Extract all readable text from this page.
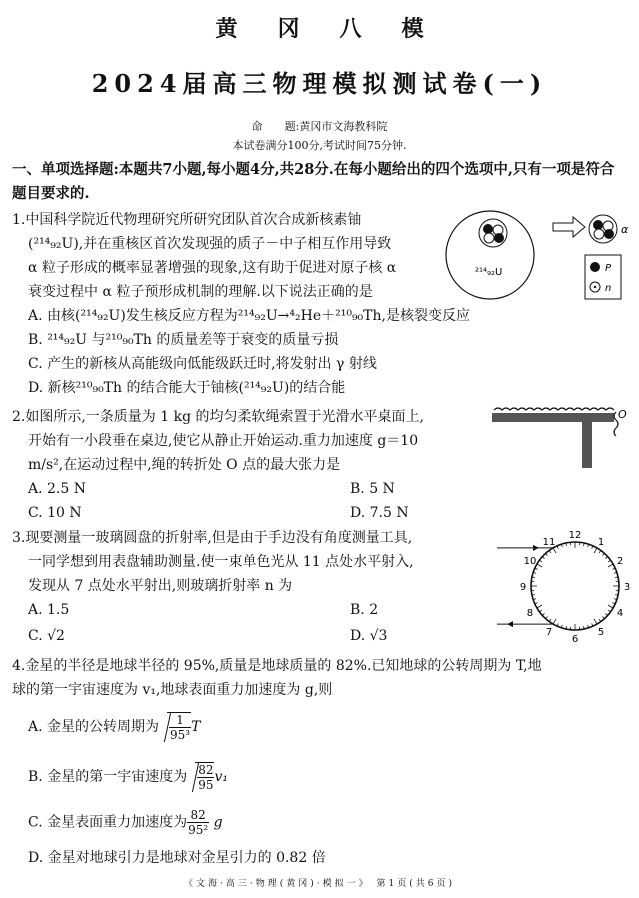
黄冈八模
2024届高三物理模拟测试卷(一)
命　　题:黄冈市文海教科院
本试卷满分100分,考试时间75分钟.
一、单项选择题:本题共7小题,每小题4分,共28分.在每小题给出的四个选项中,只有一项是符合题目要求的.
1.中国科学院近代物理研究所研究团队首次合成新核素铀
(²¹⁴₉₂U),并在重核区首次发现强的质子－中子相互作用导致
α 粒子形成的概率显著增强的现象,这有助于促进对原子核 α
衰变过程中 α 粒子预形成机制的理解.以下说法正确的是
A. 由核(²¹⁴₉₂U)发生核反应方程为²¹⁴₉₂U→⁴₂He＋²¹⁰₉₀Th,是核裂变反应
B. ²¹⁴₉₂U 与²¹⁰₉₀Th 的质量差等于衰变的质量亏损
C. 产生的新核从高能级向低能级跃迁时,将发射出 γ 射线
D. 新核²¹⁰₉₀Th 的结合能大于铀核(²¹⁴₉₂U)的结合能
²¹⁴₉₂U
α
P
n
2.如图所示,一条质量为 1 kg 的均匀柔软绳索置于光滑水平桌面上,
开始有一小段垂在桌边,使它从静止开始运动.重力加速度 g＝10
m/s²,在运动过程中,绳的转折处 O 点的最大张力是
A. 2.5 N	B. 5 N
C. 10 N	D. 7.5 N
O
3.现要测量一玻璃圆盘的折射率,但是由于手边没有角度测量工具,
一同学想到用表盘辅助测量.使一束单色光从 11 点处水平射入,
发现从 7 点处水平射出,则玻璃折射率 n 为
A. 1.5	B. 2
C. √2	D. √3
12
1
2
3
4
5
6
7
8
9
10
11
4.金星的半径是地球半径的 95%,质量是地球质量的 82%.已知地球的公转周期为 T,地
球的第一宇宙速度为 v₁,地球表面重力加速度为 g,则
A. 金星的公转周期为 $\frac{1}{\text{95³}}$ T
B. 金星的第一宇宙速度为 $\frac{82}{95} v_1$
C. 金星表面重力加速度为 $\frac{82}{\text{95²}}$ g
D. 金星对地球引力是地球对金星引力的 0.82 倍
《文海·高三·物理(黄冈)·模拟一》 第1页(共6页)
